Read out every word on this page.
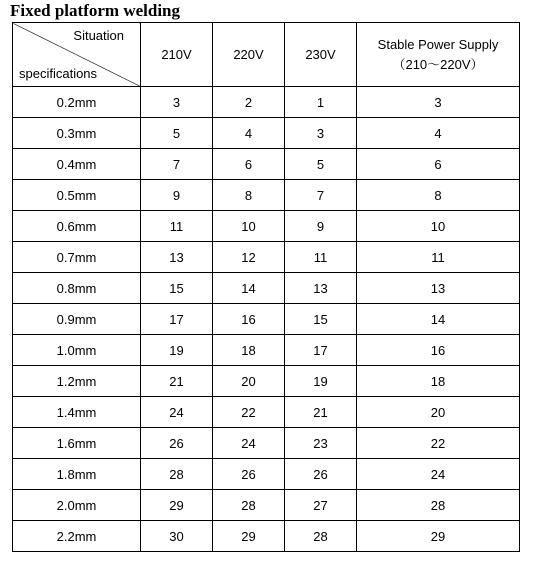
Fixed platform welding
Situation
specifications	210V	220V	230V	Stable Power Supply
（210～220V）

0.2mm	3	2	1	3
0.3mm	5	4	3	4
0.4mm	7	6	5	6
0.5mm	9	8	7	8
0.6mm	11	10	9	10
0.7mm	13	12	11	11
0.8mm	15	14	13	13
0.9mm	17	16	15	14
1.0mm	19	18	17	16
1.2mm	21	20	19	18
1.4mm	24	22	21	20
1.6mm	26	24	23	22
1.8mm	28	26	26	24
2.0mm	29	28	27	28
2.2mm	30	29	28	29
